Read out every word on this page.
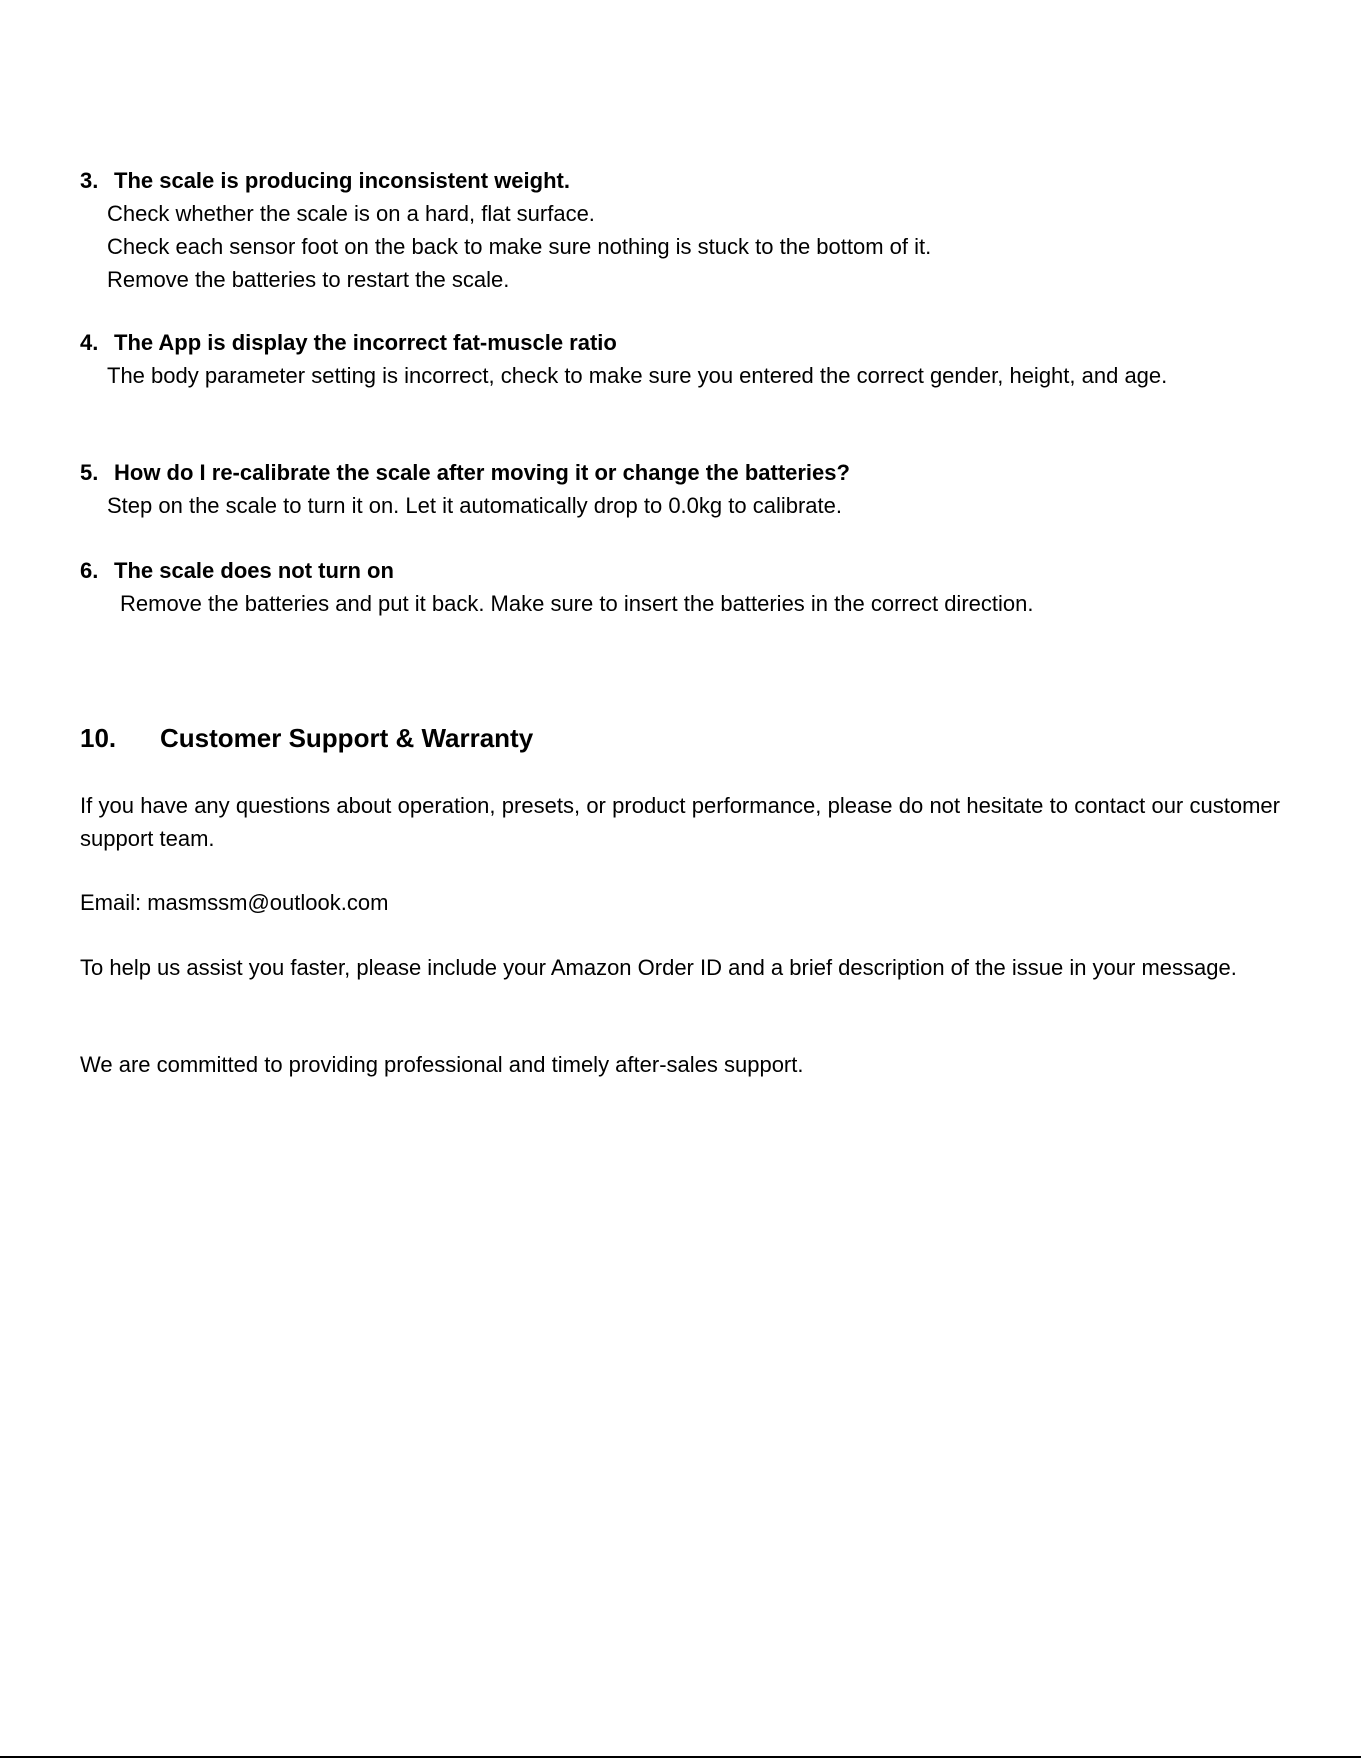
3. The scale is producing inconsistent weight.

Check whether the scale is on a hard, flat surface.

Check each sensor foot on the back to make sure nothing is stuck to the bottom of it.

Remove the batteries to restart the scale.

4. The App is display the incorrect fat-muscle ratio

The body parameter setting is incorrect, check to make sure you entered the correct gender, height, and age.

5. How do I re-calibrate the scale after moving it or change the batteries?

Step on the scale to turn it on. Let it automatically drop to 0.0kg to calibrate.

6. The scale does not turn on

Remove the batteries and put it back. Make sure to insert the batteries in the correct direction.

10. Customer Support & Warranty

If you have any questions about operation, presets, or product performance, please do not hesitate to contact our customer support team.

Email: masmssm@outlook.com

To help us assist you faster, please include your Amazon Order ID and a brief description of the issue in your message.

We are committed to providing professional and timely after-sales support.
